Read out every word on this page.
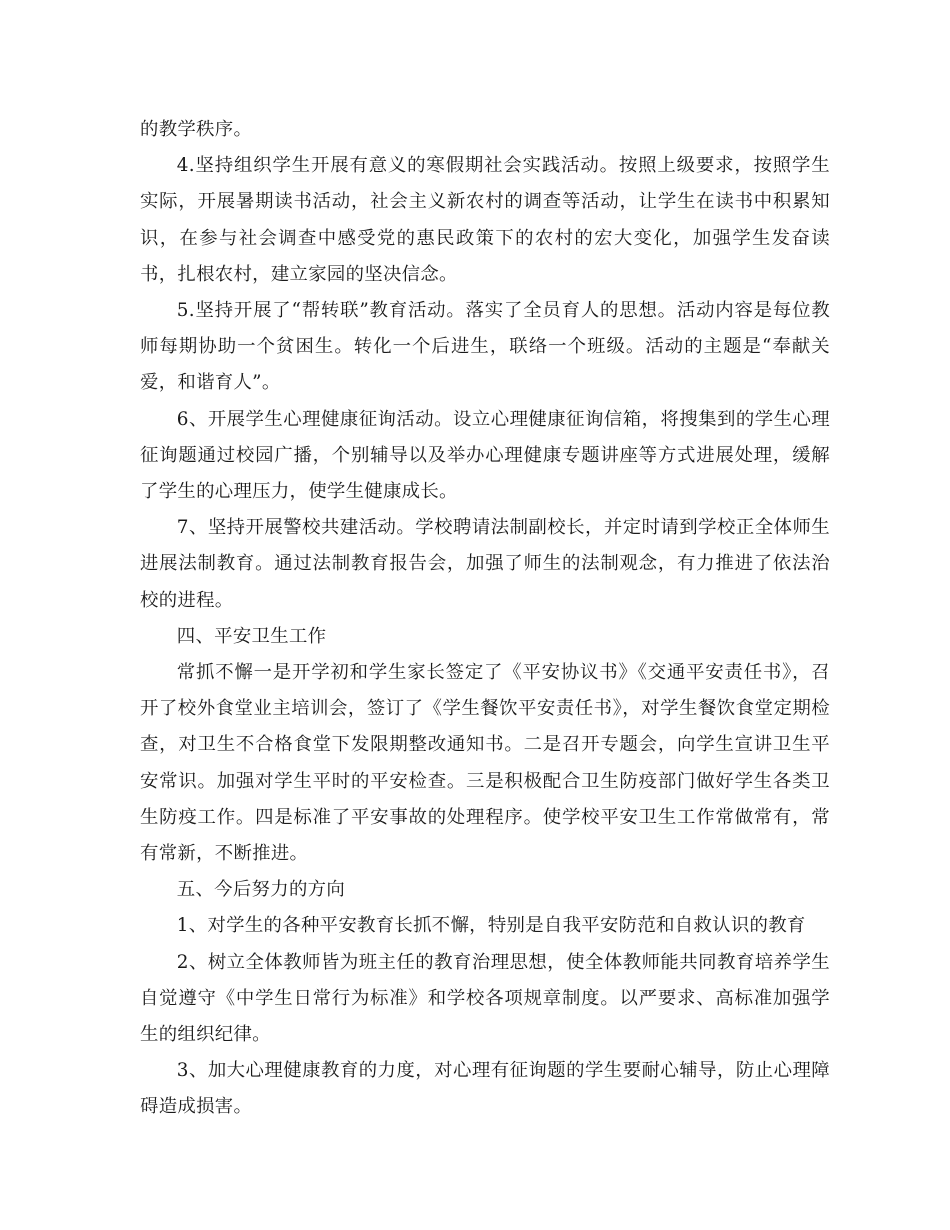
的教学秩序。

4.坚持组织学生开展有意义的寒假期社会实践活动。按照上级要求，按照学生实际，开展暑期读书活动，社会主义新农村的调查等活动，让学生在读书中积累知识，在参与社会调查中感受党的惠民政策下的农村的宏大变化，加强学生发奋读书，扎根农村，建立家园的坚决信念。

5.坚持开展了“帮转联”教育活动。落实了全员育人的思想。活动内容是每位教师每期协助一个贫困生。转化一个后进生，联络一个班级。活动的主题是“奉献关爱，和谐育人”。

6、开展学生心理健康征询活动。设立心理健康征询信箱，将搜集到的学生心理征询题通过校园广播，个别辅导以及举办心理健康专题讲座等方式进展处理，缓解了学生的心理压力，使学生健康成长。

7、坚持开展警校共建活动。学校聘请法制副校长，并定时请到学校正全体师生进展法制教育。通过法制教育报告会，加强了师生的法制观念，有力推进了依法治校的进程。

四、平安卫生工作

常抓不懈一是开学初和学生家长签定了《平安协议书》《交通平安责任书》，召开了校外食堂业主培训会，签订了《学生餐饮平安责任书》，对学生餐饮食堂定期检查，对卫生不合格食堂下发限期整改通知书。二是召开专题会，向学生宣讲卫生平安常识。加强对学生平时的平安检查。三是积极配合卫生防疫部门做好学生各类卫生防疫工作。四是标准了平安事故的处理程序。使学校平安卫生工作常做常有，常有常新，不断推进。

五、今后努力的方向

1、对学生的各种平安教育长抓不懈，特别是自我平安防范和自救认识的教育

2、树立全体教师皆为班主任的教育治理思想，使全体教师能共同教育培养学生自觉遵守《中学生日常行为标准》和学校各项规章制度。以严要求、高标准加强学生的组织纪律。

3、加大心理健康教育的力度，对心理有征询题的学生要耐心辅导，防止心理障碍造成损害。
